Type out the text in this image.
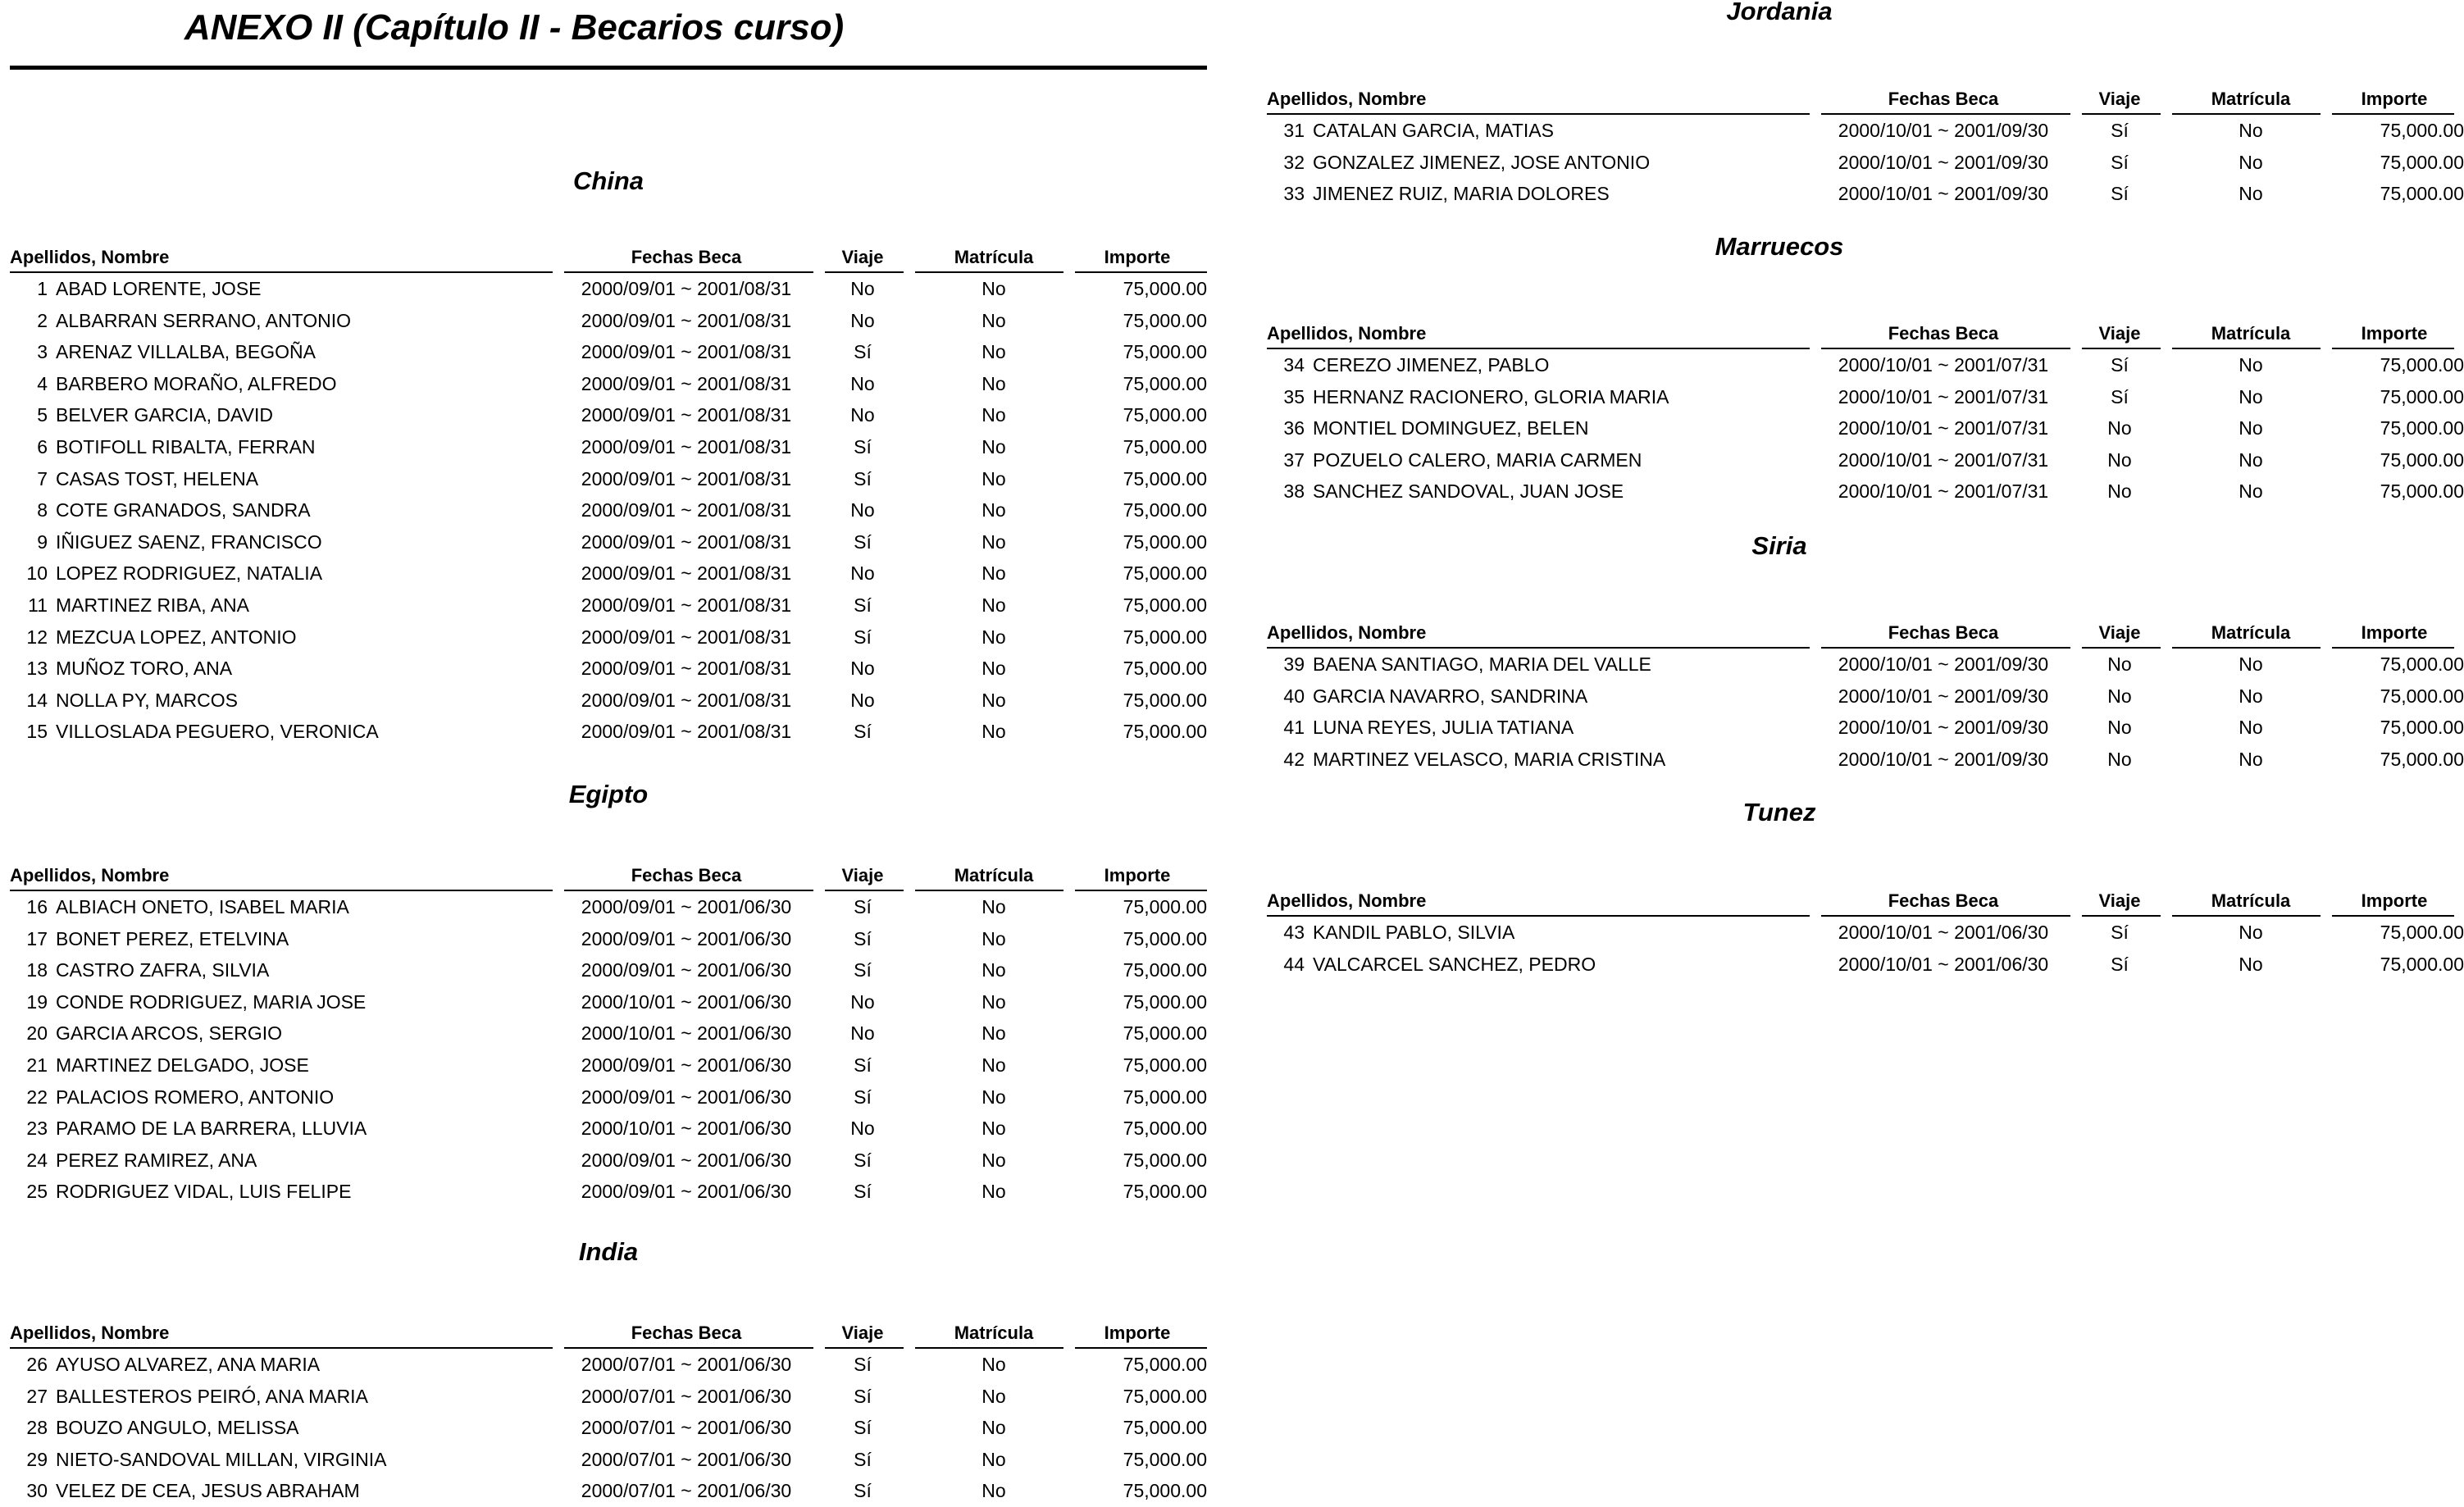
ANEXO II (Capítulo II - Becarios curso)
China
Apellidos, Nombre	Fechas Beca	Viaje	Matrícula	Importe
1 ABAD LORENTE, JOSE	2000/09/01 ~ 2001/08/31	No	No	75,000.00
2 ALBARRAN SERRANO, ANTONIO	2000/09/01 ~ 2001/08/31	No	No	75,000.00
3 ARENAZ VILLALBA, BEGOÑA	2000/09/01 ~ 2001/08/31	Sí	No	75,000.00
4 BARBERO MORAÑO, ALFREDO	2000/09/01 ~ 2001/08/31	No	No	75,000.00
5 BELVER GARCIA, DAVID	2000/09/01 ~ 2001/08/31	No	No	75,000.00
6 BOTIFOLL RIBALTA, FERRAN	2000/09/01 ~ 2001/08/31	Sí	No	75,000.00
7 CASAS TOST, HELENA	2000/09/01 ~ 2001/08/31	Sí	No	75,000.00
8 COTE GRANADOS, SANDRA	2000/09/01 ~ 2001/08/31	No	No	75,000.00
9 IÑIGUEZ SAENZ, FRANCISCO	2000/09/01 ~ 2001/08/31	Sí	No	75,000.00
10 LOPEZ RODRIGUEZ, NATALIA	2000/09/01 ~ 2001/08/31	No	No	75,000.00
11 MARTINEZ RIBA, ANA	2000/09/01 ~ 2001/08/31	Sí	No	75,000.00
12 MEZCUA LOPEZ, ANTONIO	2000/09/01 ~ 2001/08/31	Sí	No	75,000.00
13 MUÑOZ TORO, ANA	2000/09/01 ~ 2001/08/31	No	No	75,000.00
14 NOLLA PY, MARCOS	2000/09/01 ~ 2001/08/31	No	No	75,000.00
15 VILLOSLADA PEGUERO, VERONICA	2000/09/01 ~ 2001/08/31	Sí	No	75,000.00
Egipto
Apellidos, Nombre	Fechas Beca	Viaje	Matrícula	Importe
16 ALBIACH ONETO, ISABEL MARIA	2000/09/01 ~ 2001/06/30	Sí	No	75,000.00
17 BONET PEREZ, ETELVINA	2000/09/01 ~ 2001/06/30	Sí	No	75,000.00
18 CASTRO ZAFRA, SILVIA	2000/09/01 ~ 2001/06/30	Sí	No	75,000.00
19 CONDE RODRIGUEZ, MARIA JOSE	2000/10/01 ~ 2001/06/30	No	No	75,000.00
20 GARCIA ARCOS, SERGIO	2000/10/01 ~ 2001/06/30	No	No	75,000.00
21 MARTINEZ DELGADO, JOSE	2000/09/01 ~ 2001/06/30	Sí	No	75,000.00
22 PALACIOS ROMERO, ANTONIO	2000/09/01 ~ 2001/06/30	Sí	No	75,000.00
23 PARAMO DE LA BARRERA, LLUVIA	2000/10/01 ~ 2001/06/30	No	No	75,000.00
24 PEREZ RAMIREZ, ANA	2000/09/01 ~ 2001/06/30	Sí	No	75,000.00
25 RODRIGUEZ VIDAL, LUIS FELIPE	2000/09/01 ~ 2001/06/30	Sí	No	75,000.00
India
Apellidos, Nombre	Fechas Beca	Viaje	Matrícula	Importe
26 AYUSO ALVAREZ, ANA MARIA	2000/07/01 ~ 2001/06/30	Sí	No	75,000.00
27 BALLESTEROS PEIRÓ, ANA MARIA	2000/07/01 ~ 2001/06/30	Sí	No	75,000.00
28 BOUZO ANGULO, MELISSA	2000/07/01 ~ 2001/06/30	Sí	No	75,000.00
29 NIETO-SANDOVAL MILLAN, VIRGINIA	2000/07/01 ~ 2001/06/30	Sí	No	75,000.00
30 VELEZ DE CEA, JESUS ABRAHAM	2000/07/01 ~ 2001/06/30	Sí	No	75,000.00
Jordania
Apellidos, Nombre	Fechas Beca	Viaje	Matrícula	Importe
31 CATALAN GARCIA, MATIAS	2000/10/01 ~ 2001/09/30	Sí	No	75,000.00
32 GONZALEZ JIMENEZ, JOSE ANTONIO	2000/10/01 ~ 2001/09/30	Sí	No	75,000.00
33 JIMENEZ RUIZ, MARIA DOLORES	2000/10/01 ~ 2001/09/30	Sí	No	75,000.00
Marruecos
Apellidos, Nombre	Fechas Beca	Viaje	Matrícula	Importe
34 CEREZO JIMENEZ, PABLO	2000/10/01 ~ 2001/07/31	Sí	No	75,000.00
35 HERNANZ RACIONERO, GLORIA MARIA	2000/10/01 ~ 2001/07/31	Sí	No	75,000.00
36 MONTIEL DOMINGUEZ, BELEN	2000/10/01 ~ 2001/07/31	No	No	75,000.00
37 POZUELO CALERO, MARIA CARMEN	2000/10/01 ~ 2001/07/31	No	No	75,000.00
38 SANCHEZ SANDOVAL, JUAN JOSE	2000/10/01 ~ 2001/07/31	No	No	75,000.00
Siria
Apellidos, Nombre	Fechas Beca	Viaje	Matrícula	Importe
39 BAENA SANTIAGO, MARIA DEL VALLE	2000/10/01 ~ 2001/09/30	No	No	75,000.00
40 GARCIA NAVARRO, SANDRINA	2000/10/01 ~ 2001/09/30	No	No	75,000.00
41 LUNA REYES, JULIA TATIANA	2000/10/01 ~ 2001/09/30	No	No	75,000.00
42 MARTINEZ VELASCO, MARIA CRISTINA	2000/10/01 ~ 2001/09/30	No	No	75,000.00
Tunez
Apellidos, Nombre	Fechas Beca	Viaje	Matrícula	Importe
43 KANDIL PABLO, SILVIA	2000/10/01 ~ 2001/06/30	Sí	No	75,000.00
44 VALCARCEL SANCHEZ, PEDRO	2000/10/01 ~ 2001/06/30	Sí	No	75,000.00
